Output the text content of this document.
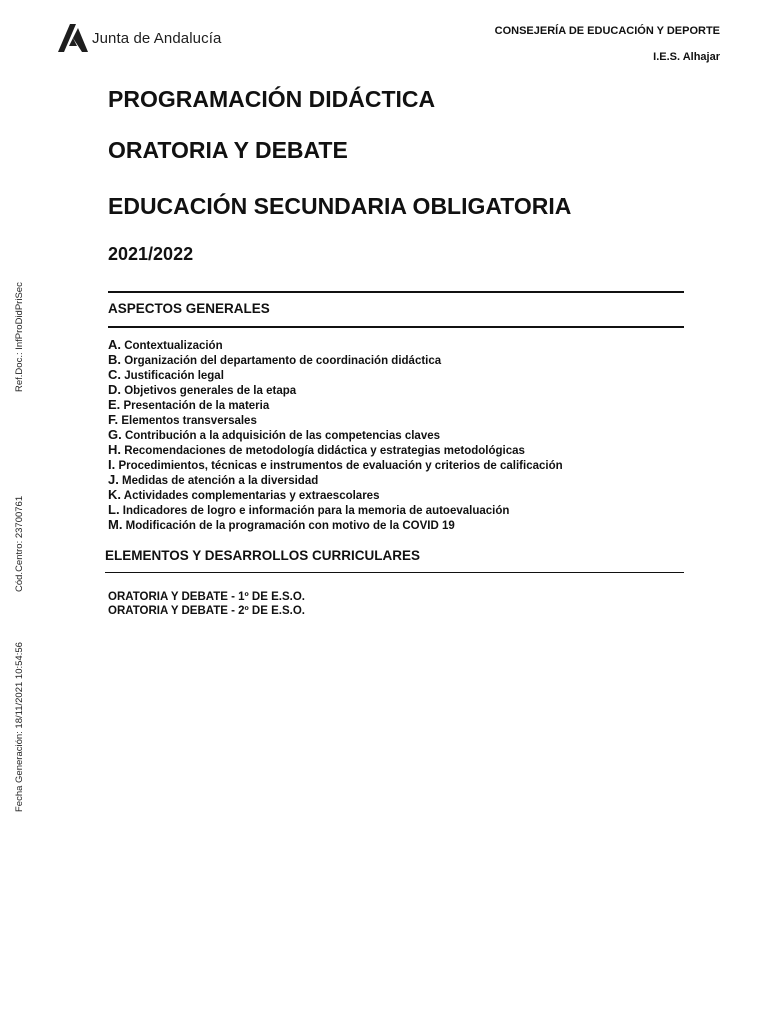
Junta de Andalucía	CONSEJERÍA DE EDUCACIÓN Y DEPORTE
I.E.S. Alhajar
Ref.Doc.: InfProDidPriSec
Cód.Centro: 23700761
Fecha Generación: 18/11/2021 10:54:56
PROGRAMACIÓN DIDÁCTICA
ORATORIA Y DEBATE
EDUCACIÓN SECUNDARIA OBLIGATORIA
2021/2022
ASPECTOS GENERALES
A. Contextualización
B. Organización del departamento de coordinación didáctica
C. Justificación legal
D. Objetivos generales de la etapa
E. Presentación de la materia
F. Elementos transversales
G. Contribución a la adquisición de las competencias claves
H. Recomendaciones de metodología didáctica y estrategias metodológicas
I. Procedimientos, técnicas e instrumentos de evaluación y criterios de calificación
J. Medidas de atención a la diversidad
K. Actividades complementarias y extraescolares
L. Indicadores de logro e información para la memoria de autoevaluación
M. Modificación de la programación con motivo de la COVID 19
ELEMENTOS Y DESARROLLOS CURRICULARES
ORATORIA Y DEBATE - 1º DE E.S.O.
ORATORIA Y DEBATE - 2º DE E.S.O.
